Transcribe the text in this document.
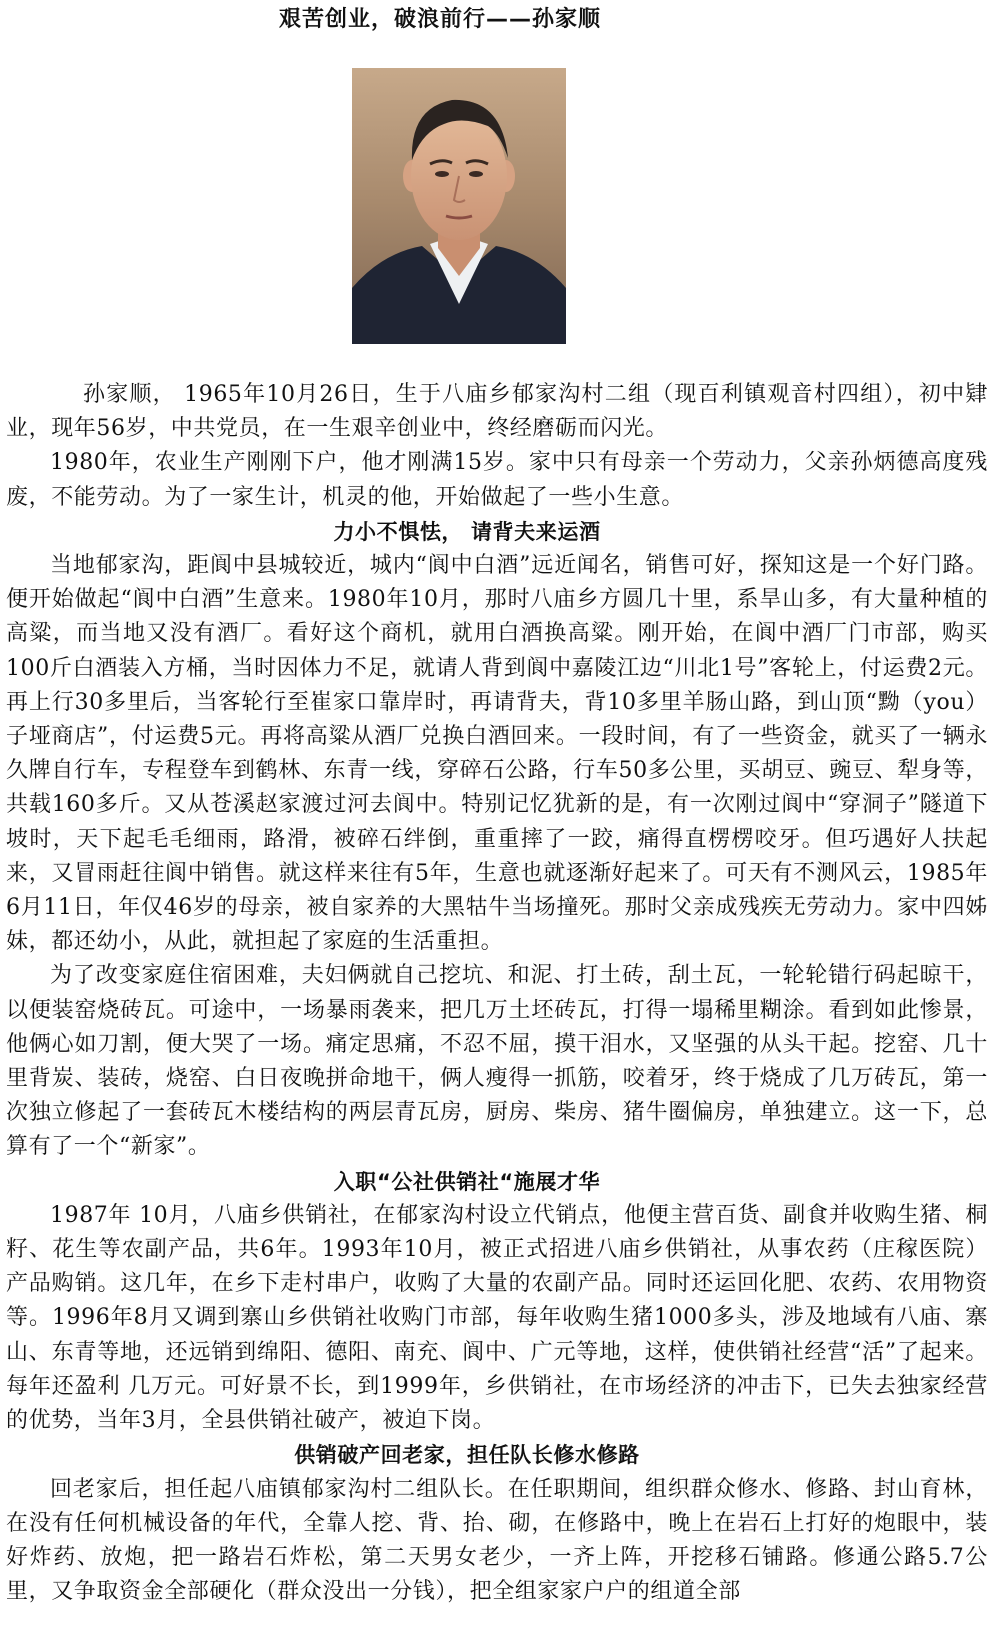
艰苦创业，破浪前行——孙家顺

孙家顺， 1965年10月26日，生于八庙乡郁家沟村二组（现百利镇观音村四组），初中肄业，现年56岁，中共党员，在一生艰辛创业中，终经磨砺而闪光。

1980年，农业生产刚刚下户，他才刚满15岁。家中只有母亲一个劳动力，父亲孙炳德高度残废，不能劳动。为了一家生计，机灵的他，开始做起了一些小生意。

力小不惧怯， 请背夫来运酒

当地郁家沟，距阆中县城较近，城内“阆中白酒”远近闻名，销售可好，探知这是一个好门路。便开始做起“阆中白酒”生意来。1980年10月，那时八庙乡方圆几十里，系旱山多，有大量种植的高粱，而当地又没有酒厂。看好这个商机，就用白酒换高粱。刚开始，在阆中酒厂门市部，购买100斤白酒装入方桶，当时因体力不足，就请人背到阆中嘉陵江边“川北1号”客轮上，付运费2元。再上行30多里后，当客轮行至崔家口靠岸时，再请背夫，背10多里羊肠山路，到山顶“黝（you）子垭商店”，付运费5元。再将高粱从酒厂兑换白酒回来。一段时间，有了一些资金，就买了一辆永久牌自行车，专程登车到鹤林、东青一线，穿碎石公路，行车50多公里，买胡豆、豌豆、犁身等，共载160多斤。又从苍溪赵家渡过河去阆中。特别记忆犹新的是，有一次刚过阆中“穿洞子”隧道下坡时，天下起毛毛细雨，路滑，被碎石绊倒，重重摔了一跤，痛得直楞楞咬牙。但巧遇好人扶起来，又冒雨赶往阆中销售。就这样来往有5年，生意也就逐渐好起来了。可天有不测风云，1985年6月11日，年仅46岁的母亲，被自家养的大黑牯牛当场撞死。那时父亲成残疾无劳动力。家中四姊妹，都还幼小，从此，就担起了家庭的生活重担。

为了改变家庭住宿困难，夫妇俩就自己挖坑、和泥、打土砖，刮土瓦，一轮轮错行码起晾干，以便装窑烧砖瓦。可途中，一场暴雨袭来，把几万土坯砖瓦，打得一塌稀里糊涂。看到如此惨景，他俩心如刀割，便大哭了一场。痛定思痛，不忍不屈，摸干泪水，又坚强的从头干起。挖窑、几十里背炭、装砖，烧窑、白日夜晚拼命地干，俩人瘦得一抓筋，咬着牙，终于烧成了几万砖瓦，第一次独立修起了一套砖瓦木楼结构的两层青瓦房，厨房、柴房、猪牛圈偏房，单独建立。这一下，总算有了一个“新家”。

入职“公社供销社“施展才华

1987年 10月，八庙乡供销社，在郁家沟村设立代销点，他便主营百货、副食并收购生猪、桐籽、花生等农副产品，共6年。1993年10月，被正式招进八庙乡供销社，从事农药（庄稼医院）产品购销。这几年，在乡下走村串户，收购了大量的农副产品。同时还运回化肥、农药、农用物资等。1996年8月又调到寨山乡供销社收购门市部，每年收购生猪1000多头，涉及地域有八庙、寨山、东青等地，还远销到绵阳、德阳、南充、阆中、广元等地，这样，使供销社经营“活”了起来。每年还盈利 几万元。可好景不长，到1999年，乡供销社，在市场经济的冲击下，已失去独家经营的优势，当年3月，全县供销社破产，被迫下岗。

供销破产回老家，担任队长修水修路

回老家后，担任起八庙镇郁家沟村二组队长。在任职期间，组织群众修水、修路、封山育林，在没有任何机械设备的年代，全靠人挖、背、抬、砌，在修路中，晚上在岩石上打好的炮眼中，装好炸药、放炮，把一路岩石炸松，第二天男女老少，一齐上阵，开挖移石铺路。修通公路5.7公里，又争取资金全部硬化（群众没出一分钱），把全组家家户户的组道全部
